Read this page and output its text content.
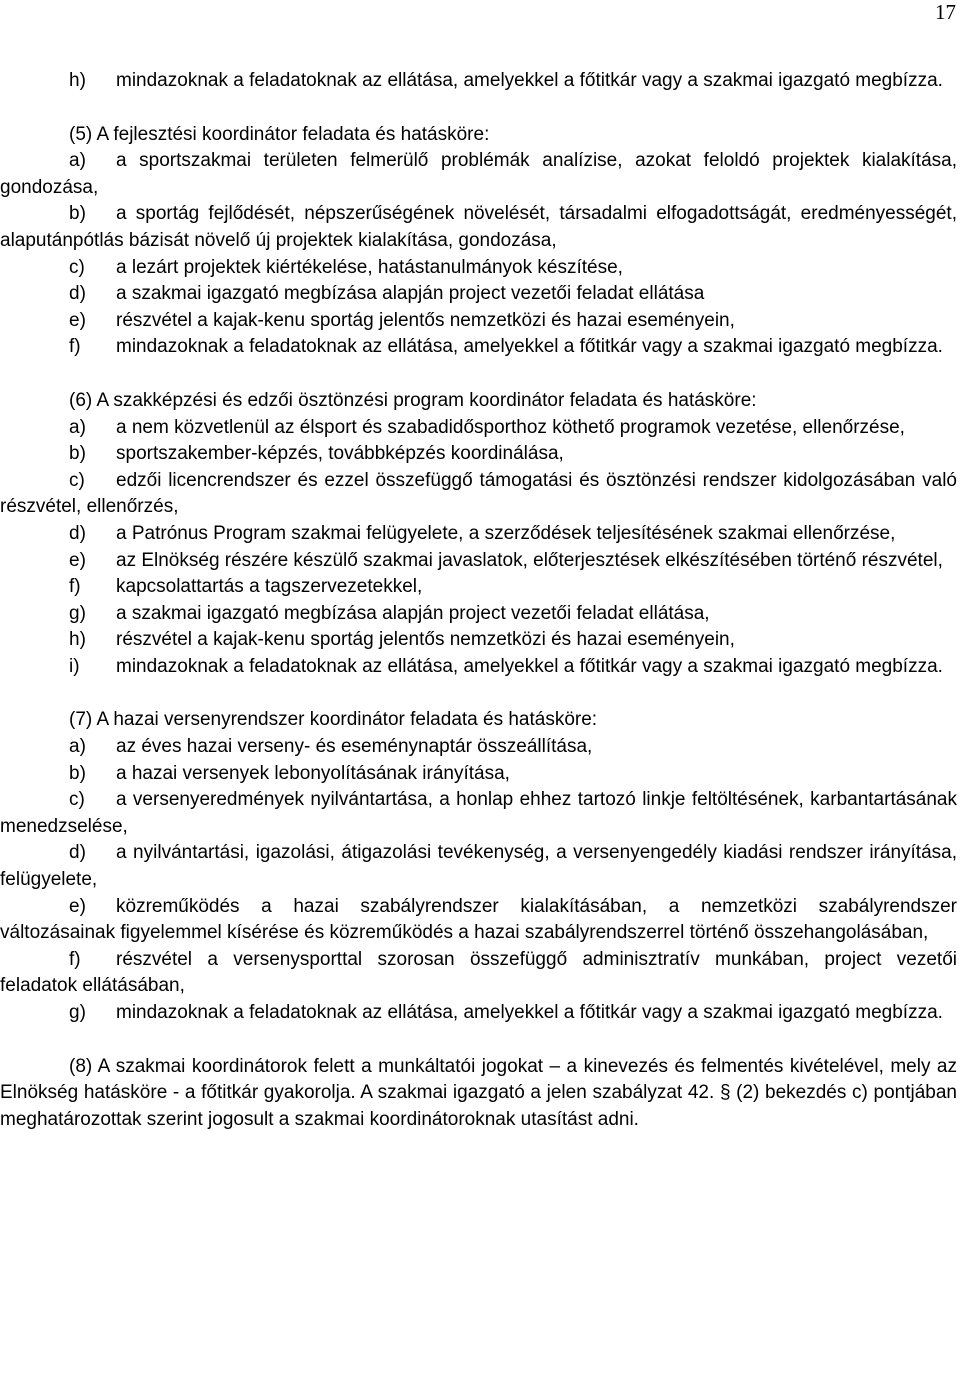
17

h) mindazoknak a feladatoknak az ellátása, amelyekkel a főtitkár vagy a szakmai igazgató megbízza.

(5) A fejlesztési koordinátor feladata és hatásköre:

a) a sportszakmai területen felmerülő problémák analízise, azokat feloldó projektek kialakítása, gondozása,

b) a sportág fejlődését, népszerűségének növelését, társadalmi elfogadottságát, eredményességét, alaputánpótlás bázisát növelő új projektek kialakítása, gondozása,

c) a lezárt projektek kiértékelése, hatástanulmányok készítése,

d) a szakmai igazgató megbízása alapján project vezetői feladat ellátása

e) részvétel a kajak-kenu sportág jelentős nemzetközi és hazai eseményein,

f) mindazoknak a feladatoknak az ellátása, amelyekkel a főtitkár vagy a szakmai igazgató megbízza.

(6) A szakképzési és edzői ösztönzési program koordinátor feladata és hatásköre:

a) a nem közvetlenül az élsport és szabadidősporthoz köthető programok vezetése, ellenőrzése,

b) sportszakember-képzés, továbbképzés koordinálása,

c) edzői licencrendszer és ezzel összefüggő támogatási és ösztönzési rendszer kidolgozásában való részvétel, ellenőrzés,

d) a Patrónus Program szakmai felügyelete, a szerződések teljesítésének szakmai ellenőrzése,

e) az Elnökség részére készülő szakmai javaslatok, előterjesztések elkészítésében történő részvétel,

f) kapcsolattartás a tagszervezetekkel,

g) a szakmai igazgató megbízása alapján project vezetői feladat ellátása,

h) részvétel a kajak-kenu sportág jelentős nemzetközi és hazai eseményein,

i) mindazoknak a feladatoknak az ellátása, amelyekkel a főtitkár vagy a szakmai igazgató megbízza.

(7) A hazai versenyrendszer koordinátor feladata és hatásköre:

a) az éves hazai verseny- és eseménynaptár összeállítása,

b) a hazai versenyek lebonyolításának irányítása,

c) a versenyeredmények nyilvántartása, a honlap ehhez tartozó linkje feltöltésének, karbantartásának menedzselése,

d) a nyilvántartási, igazolási, átigazolási tevékenység, a versenyengedély kiadási rendszer irányítása, felügyelete,

e) közreműködés a hazai szabályrendszer kialakításában, a nemzetközi szabályrendszer változásainak figyelemmel kísérése és közreműködés a hazai szabályrendszerrel történő összehangolásában,

f) részvétel a versenysporttal szorosan összefüggő adminisztratív munkában, project vezetői feladatok ellátásában,

g) mindazoknak a feladatoknak az ellátása, amelyekkel a főtitkár vagy a szakmai igazgató megbízza.

(8) A szakmai koordinátorok felett a munkáltatói jogokat – a kinevezés és felmentés kivételével, mely az Elnökség hatásköre - a főtitkár gyakorolja. A szakmai igazgató a jelen szabályzat 42. § (2) bekezdés c) pontjában meghatározottak szerint jogosult a szakmai koordinátoroknak utasítást adni.
